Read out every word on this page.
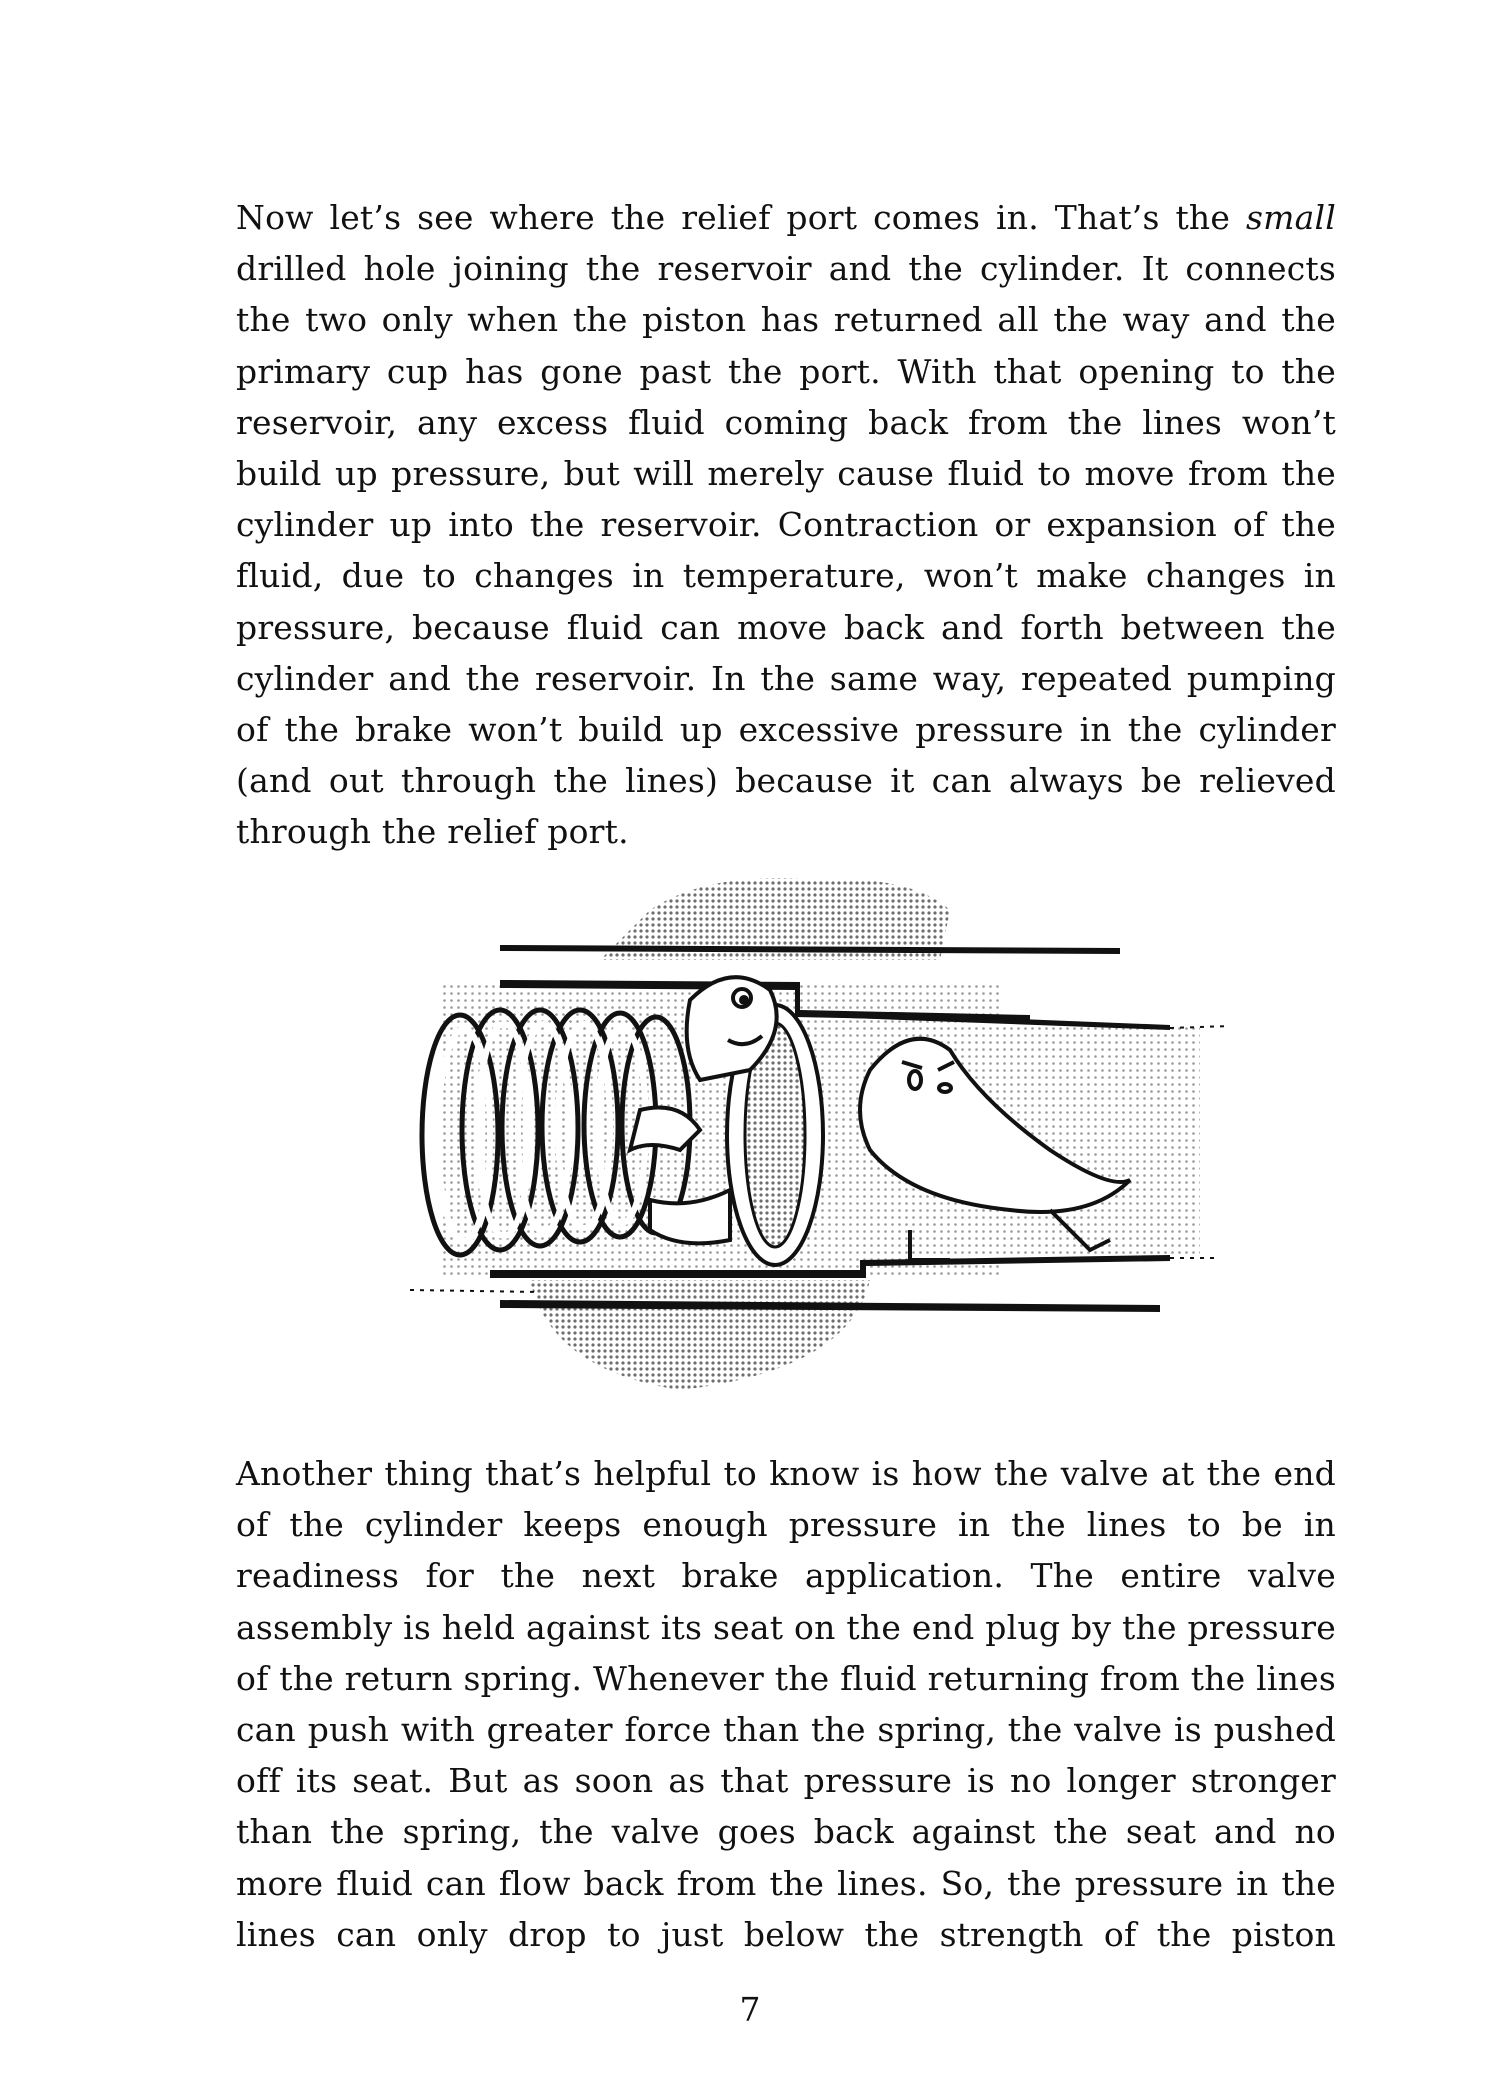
Now let’s see where the relief port comes in. That’s the small
drilled hole joining the reservoir and the cylinder. It connects
the two only when the piston has returned all the way and the
primary cup has gone past the port. With that opening to the
reservoir, any excess fluid coming back from the lines won’t
build up pressure, but will merely cause fluid to move from the
cylinder up into the reservoir. Contraction or expansion of the
fluid, due to changes in temperature, won’t make changes in
pressure, because fluid can move back and forth between the
cylinder and the reservoir. In the same way, repeated pumping
of the brake won’t build up excessive pressure in the cylinder
(and out through the lines) because it can always be relieved
through the relief port.

Another thing that’s helpful to know is how the valve at the end
of the cylinder keeps enough pressure in the lines to be in
readiness for the next brake application. The entire valve
assembly is held against its seat on the end plug by the pressure
of the return spring. Whenever the fluid returning from the lines
can push with greater force than the spring, the valve is pushed
off its seat. But as soon as that pressure is no longer stronger
than the spring, the valve goes back against the seat and no
more fluid can flow back from the lines. So, the pressure in the
lines can only drop to just below the strength of the piston

7
